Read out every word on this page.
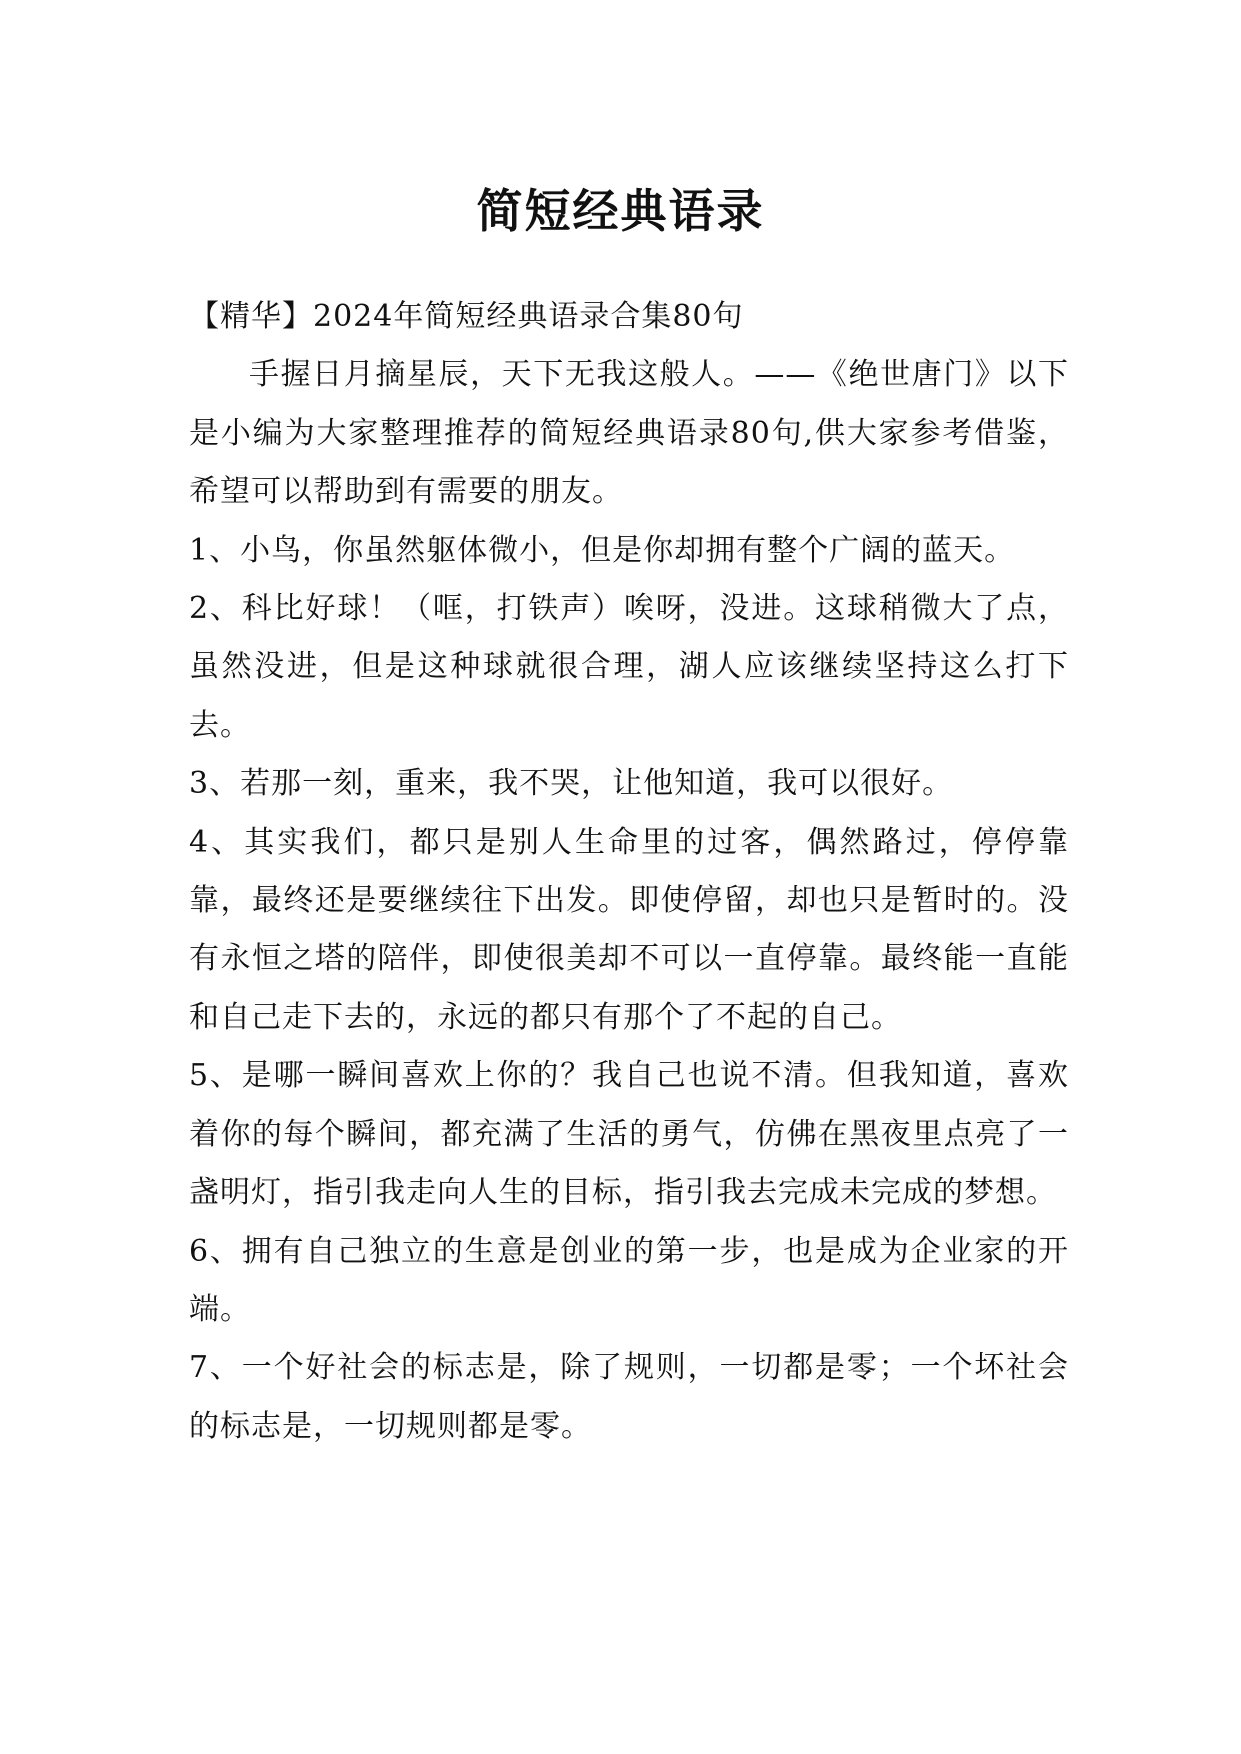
简短经典语录

【精华】2024年简短经典语录合集80句

手握日月摘星辰，天下无我这般人。——《绝世唐门》以下是小编为大家整理推荐的简短经典语录80句,供大家参考借鉴，希望可以帮助到有需要的朋友。

1、小鸟，你虽然躯体微小，但是你却拥有整个广阔的蓝天。

2、科比好球！（哐，打铁声）唉呀，没进。这球稍微大了点，虽然没进，但是这种球就很合理，湖人应该继续坚持这么打下去。

3、若那一刻，重来，我不哭，让他知道，我可以很好。

4、其实我们，都只是别人生命里的过客，偶然路过，停停靠靠，最终还是要继续往下出发。即使停留，却也只是暂时的。没有永恒之塔的陪伴，即使很美却不可以一直停靠。最终能一直能和自己走下去的，永远的都只有那个了不起的自己。

5、是哪一瞬间喜欢上你的？我自己也说不清。但我知道，喜欢着你的每个瞬间，都充满了生活的勇气，仿佛在黑夜里点亮了一盏明灯，指引我走向人生的目标，指引我去完成未完成的梦想。

6、拥有自己独立的生意是创业的第一步，也是成为企业家的开端。

7、一个好社会的标志是，除了规则，一切都是零；一个坏社会的标志是，一切规则都是零。
